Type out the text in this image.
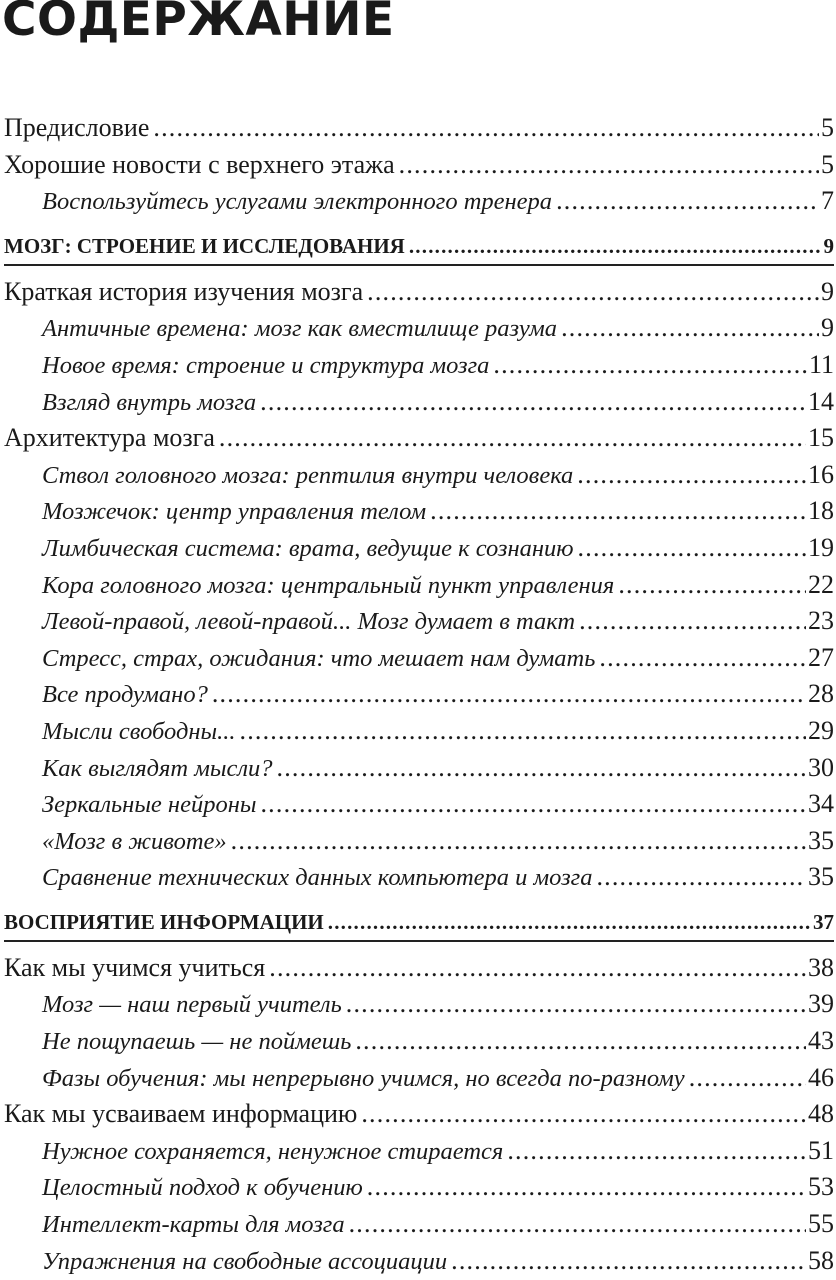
СОДЕРЖАНИЕ
Предисловие .....	5
Хорошие новости с верхнего этажа .....	5
Воспользуйтесь услугами электронного тренера .....	7
МОЗГ: СТРОЕНИЕ И ИССЛЕДОВАНИЯ .....	9
Краткая история изучения мозга .....	9
Античные времена: мозг как вместилище разума .....	9
Новое время: строение и структура мозга .....	11
Взгляд внутрь мозга .....	14
Архитектура мозга .....	15
Ствол головного мозга: рептилия внутри человека .....	16
Мозжечок: центр управления телом .....	18
Лимбическая система: врата, ведущие к сознанию .....	19
Кора головного мозга: центральный пункт управления .....	22
Левой-правой, левой-правой... Мозг думает в такт .....	23
Стресс, страх, ожидания: что мешает нам думать .....	27
Все продумано? .....	28
Мысли свободны... .....	29
Как выглядят мысли? .....	30
Зеркальные нейроны .....	34
«Мозг в животе» .....	35
Сравнение технических данных компьютера и мозга .....	35
ВОСПРИЯТИЕ ИНФОРМАЦИИ .....	37
Как мы учимся учиться .....	38
Мозг — наш первый учитель .....	39
Не пощупаешь — не поймешь .....	43
Фазы обучения: мы непрерывно учимся, но всегда по-разному .....	46
Как мы усваиваем информацию .....	48
Нужное сохраняется, ненужное стирается .....	51
Целостный подход к обучению .....	53
Интеллект-карты для мозга .....	55
Упражнения на свободные ассоциации .....	58
